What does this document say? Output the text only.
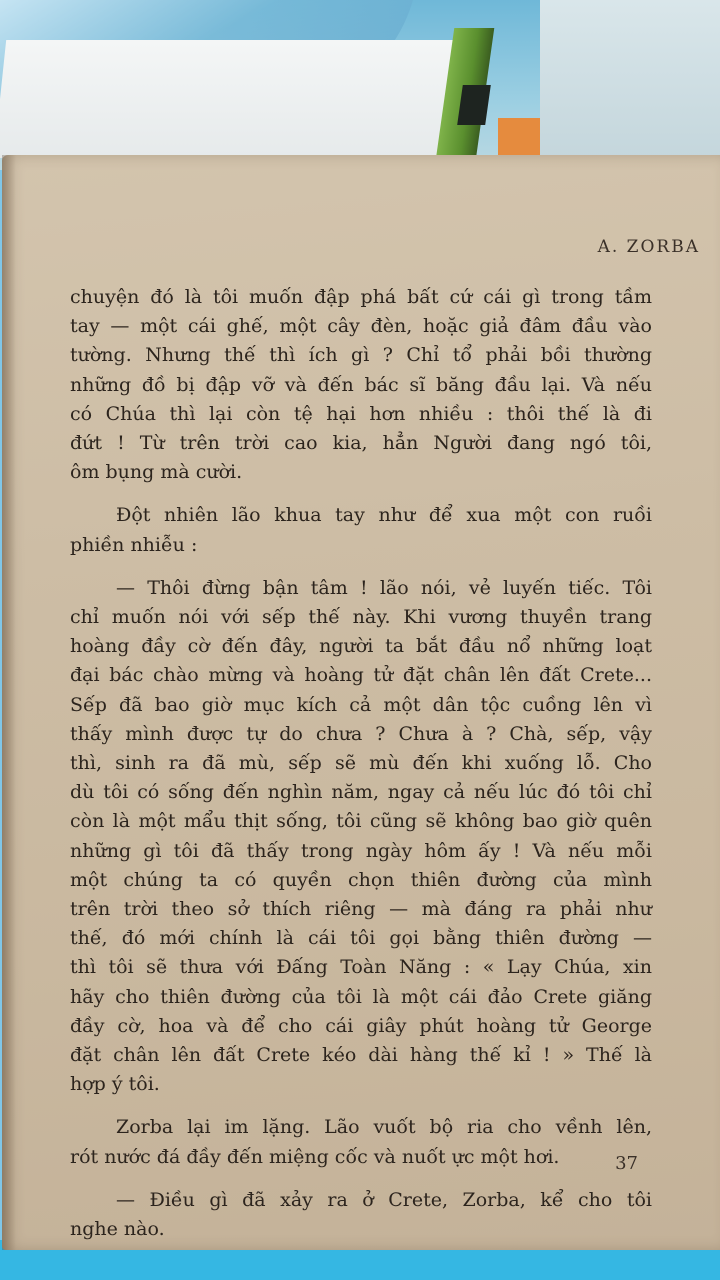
A. ZORBA

chuyện đó là tôi muốn đập phá bất cứ cái gì trong tầm
tay — một cái ghế, một cây đèn, hoặc giả đâm đầu vào
tường. Nhưng thế thì ích gì ? Chỉ tổ phải bồi thường
những đồ bị đập vỡ và đến bác sĩ băng đầu lại. Và nếu
có Chúa thì lại còn tệ hại hơn nhiều : thôi thế là đi
đứt ! Từ trên trời cao kia, hẳn Người đang ngó tôi,
ôm bụng mà cười.

Đột nhiên lão khua tay như để xua một con ruồi
phiền nhiễu :

— Thôi đừng bận tâm ! lão nói, vẻ luyến tiếc. Tôi
chỉ muốn nói với sếp thế này. Khi vương thuyền trang
hoàng đầy cờ đến đây, người ta bắt đầu nổ những loạt
đại bác chào mừng và hoàng tử đặt chân lên đất Crete...
Sếp đã bao giờ mục kích cả một dân tộc cuồng lên vì
thấy mình được tự do chưa ? Chưa à ? Chà, sếp, vậy
thì, sinh ra đã mù, sếp sẽ mù đến khi xuống lỗ. Cho
dù tôi có sống đến nghìn năm, ngay cả nếu lúc đó tôi chỉ
còn là một mẩu thịt sống, tôi cũng sẽ không bao giờ quên
những gì tôi đã thấy trong ngày hôm ấy ! Và nếu mỗi
một chúng ta có quyền chọn thiên đường của mình
trên trời theo sở thích riêng — mà đáng ra phải như
thế, đó mới chính là cái tôi gọi bằng thiên đường —
thì tôi sẽ thưa với Đấng Toàn Năng : « Lạy Chúa, xin
hãy cho thiên đường của tôi là một cái đảo Crete giăng
đầy cờ, hoa và để cho cái giây phút hoàng tử George
đặt chân lên đất Crete kéo dài hàng thế kỉ ! » Thế là
hợp ý tôi.

Zorba lại im lặng. Lão vuốt bộ ria cho vềnh lên,
rót nước đá đầy đến miệng cốc và nuốt ực một hơi.

— Điều gì đã xảy ra ở Crete, Zorba, kể cho tôi
nghe nào.

37
